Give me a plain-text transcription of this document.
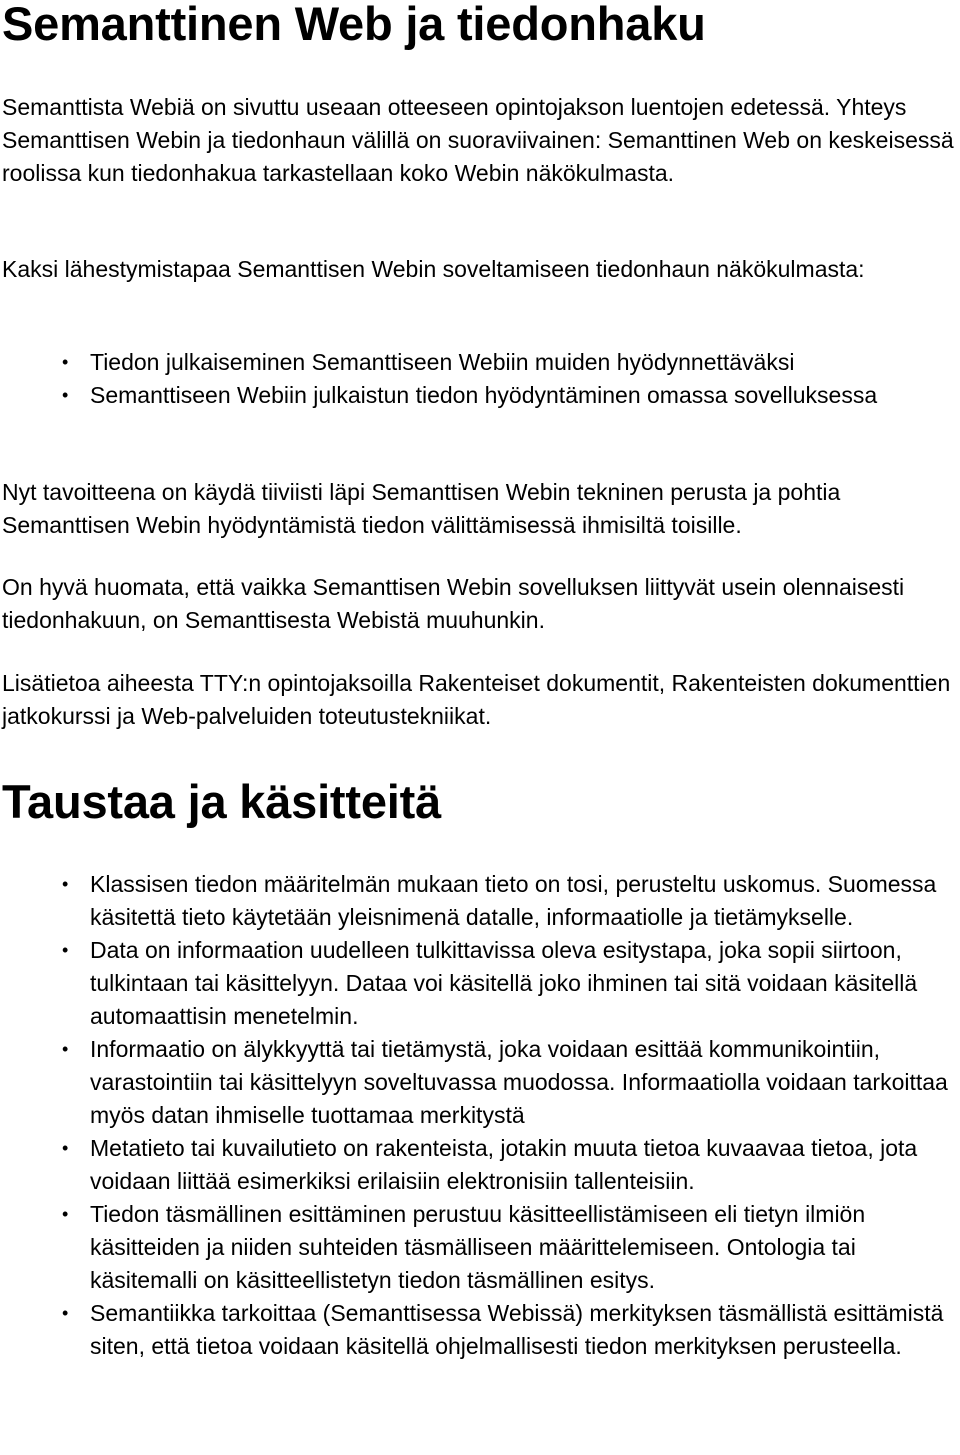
Semanttinen Web ja tiedonhaku

Semanttista Webiä on sivuttu useaan otteeseen opintojakson luentojen edetessä. Yhteys Semanttisen Webin ja tiedonhaun välillä on suoraviivainen: Semanttinen Web on keskeisessä roolissa kun tiedonhakua tarkastellaan koko Webin näkökulmasta.

Kaksi lähestymistapaa Semanttisen Webin soveltamiseen tiedonhaun näkökulmasta:

• Tiedon julkaiseminen Semanttiseen Webiin muiden hyödynnettäväksi
• Semanttiseen Webiin julkaistun tiedon hyödyntäminen omassa sovelluksessa

Nyt tavoitteena on käydä tiiviisti läpi Semanttisen Webin tekninen perusta ja pohtia Semanttisen Webin hyödyntämistä tiedon välittämisessä ihmisiltä toisille.

On hyvä huomata, että vaikka Semanttisen Webin sovelluksen liittyvät usein olennaisesti tiedonhakuun, on Semanttisesta Webistä muuhunkin.

Lisätietoa aiheesta TTY:n opintojaksoilla Rakenteiset dokumentit, Rakenteisten dokumenttien jatkokurssi ja Web-palveluiden toteutustekniikat.

Taustaa ja käsitteitä
• Klassisen tiedon määritelmän mukaan tieto on tosi, perusteltu uskomus. Suomessa käsitettä tieto käytetään yleisnimenä datalle, informaatiolle ja tietämykselle.
• Data on informaation uudelleen tulkittavissa oleva esitystapa, joka sopii siirtoon, tulkintaan tai käsittelyyn. Dataa voi käsitellä joko ihminen tai sitä voidaan käsitellä automaattisin menetelmin.
• Informaatio on älykkyyttä tai tietämystä, joka voidaan esittää kommunikointiin, varastointiin tai käsittelyyn soveltuvassa muodossa. Informaatiolla voidaan tarkoittaa myös datan ihmiselle tuottamaa merkitystä
• Metatieto tai kuvailutieto on rakenteista, jotakin muuta tietoa kuvaavaa tietoa, jota voidaan liittää esimerkiksi erilaisiin elektronisiin tallenteisiin.
• Tiedon täsmällinen esittäminen perustuu käsitteellistämiseen eli tietyn ilmiön käsitteiden ja niiden suhteiden täsmälliseen määrittelemiseen. Ontologia tai käsitemalli on käsitteellistetyn tiedon täsmällinen esitys.
• Semantiikka tarkoittaa (Semanttisessa Webissä) merkityksen täsmällistä esittämistä siten, että tietoa voidaan käsitellä ohjelmallisesti tiedon merkityksen perusteella.
